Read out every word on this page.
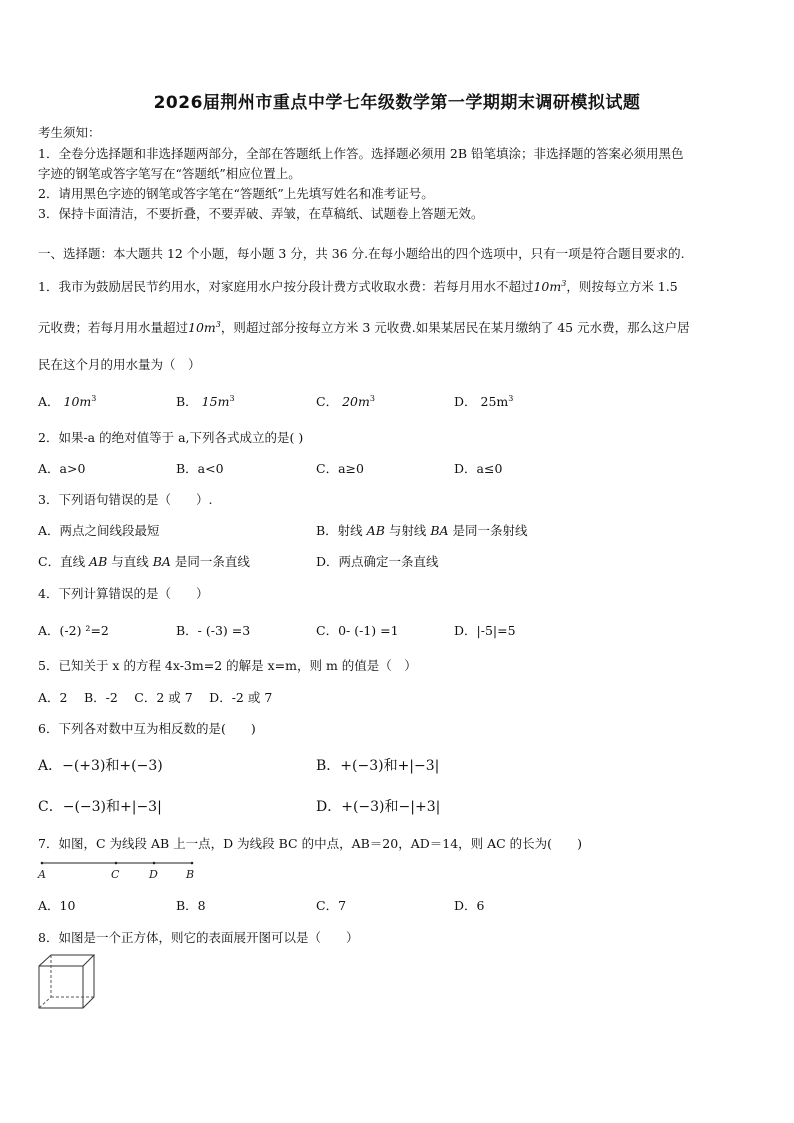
2026届荆州市重点中学七年级数学第一学期期末调研模拟试题
考生须知：
1．全卷分选择题和非选择题两部分，全部在答题纸上作答。选择题必须用 2B 铅笔填涂；非选择题的答案必须用黑色
字迹的钢笔或答字笔写在“答题纸”相应位置上。
2．请用黑色字迹的钢笔或答字笔在“答题纸”上先填写姓名和准考证号。
3．保持卡面清洁，不要折叠，不要弄破、弄皱，在草稿纸、试题卷上答题无效。
一、选择题：本大题共 12 个小题，每小题 3 分，共 36 分.在每小题给出的四个选项中，只有一项是符合题目要求的.
1．我市为鼓励居民节约用水，对家庭用水户按分段计费方式收取水费：若每月用水不超过$10m^3$，则按每立方米 1.5
元收费；若每月用水量超过$10m^3$，则超过部分按每立方米 3 元收费.如果某居民在某月缴纳了 45 元水费，那么这户居
民在这个月的用水量为（　）
A． $10m^3$	B． $15m^3$	C． $20m^3$	D． $25m^3$
2．如果-a 的绝对值等于 a,下列各式成立的是( )
A．a>0	B．a<0	C．a≥0	D．a≤0
3．下列语句错误的是（　　）.
A．两点之间线段最短	B．射线 AB 与射线 BA 是同一条射线
C．直线 AB 与直线 BA 是同一条直线	D．两点确定一条直线
4．下列计算错误的是（　　）
A．(-2) ²=2	B．- (-3) =3	C．0- (-1) =1	D．|-5|=5
5．已知关于 x 的方程 4x-3m=2 的解是 x=m，则 m 的值是（　）
A．2　 B．-2　 C．2 或 7　 D．-2 或 7
6．下列各对数中互为相反数的是(　　)
A．−(+3)和+(−3)	B．+(−3)和+|−3|
C．−(−3)和+|−3|	D．+(−3)和−|+3|
7．如图，C 为线段 AB 上一点，D 为线段 BC 的中点，AB＝20，AD＝14，则 AC 的长为(　　)
A	C	D	B
A．10	B．8	C．7	D．6
8．如图是一个正方体，则它的表面展开图可以是（　　）
